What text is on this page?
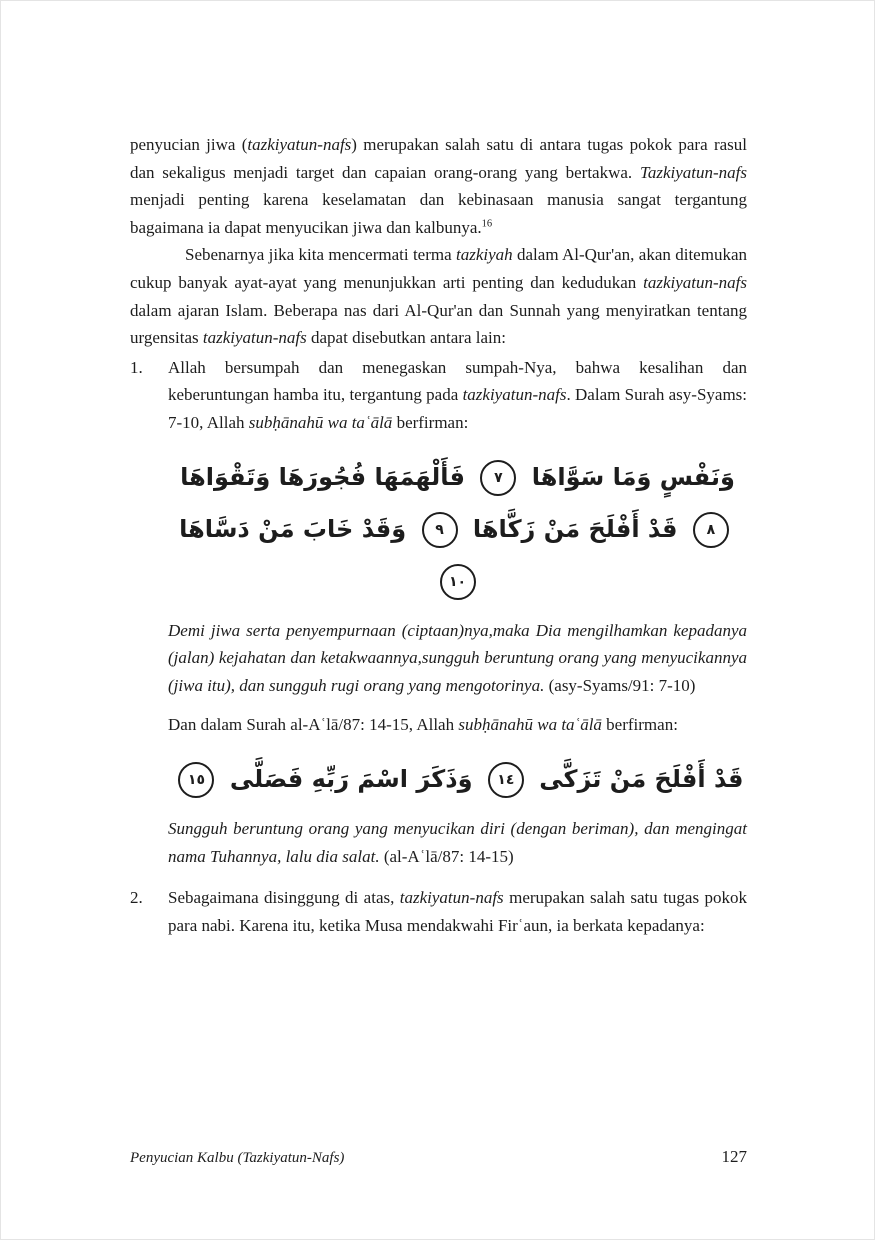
penyucian jiwa (tazkiyatun-nafs) merupakan salah satu di antara tugas pokok para rasul dan sekaligus menjadi target dan capaian orang-orang yang bertakwa. Tazkiyatun-nafs menjadi penting karena keselamatan dan kebinasaan manusia sangat tergantung bagaimana ia dapat menyucikan jiwa dan kalbunya.$^{16}$

Sebenarnya jika kita mencermati terma tazkiyah dalam Al-Qur'an, akan ditemukan cukup banyak ayat-ayat yang menunjukkan arti penting dan kedudukan tazkiyatun-nafs dalam ajaran Islam. Beberapa nas dari Al-Qur'an dan Sunnah yang menyiratkan tentang urgensitas tazkiyatun-nafs dapat disebutkan antara lain:

1.	Allah bersumpah dan menegaskan sumpah-Nya, bahwa kesalihan dan keberuntungan hamba itu, tergantung pada tazkiyatun-nafs. Dalam Surah asy-Syams: 7-10, Allah subḥānahū wa taʿālā berfirman:

وَنَفْسٍ وَمَا سَوَّاهَا ٧ فَأَلْهَمَهَا فُجُورَهَا وَتَقْوَاهَا ٨ قَدْ أَفْلَحَ مَنْ زَكَّاهَا ٩ وَقَدْ خَابَ مَنْ دَسَّاهَا ١٠

Demi jiwa serta penyempurnaan (ciptaan)nya,maka Dia mengilhamkan kepadanya (jalan) kejahatan dan ketakwaannya,sungguh beruntung orang yang menyucikannya (jiwa itu), dan sungguh rugi orang yang mengotorinya. (asy-Syams/91: 7-10)

Dan dalam Surah al-Aʿlā/87: 14-15, Allah subḥānahū wa taʿālā berfirman:

قَدْ أَفْلَحَ مَنْ تَزَكَّى ١٤ وَذَكَرَ اسْمَ رَبِّهِ فَصَلَّى ١٥

Sungguh beruntung orang yang menyucikan diri (dengan beriman), dan mengingat nama Tuhannya, lalu dia salat. (al-Aʿlā/87: 14-15)

2.	Sebagaimana disinggung di atas, tazkiyatun-nafs merupakan salah satu tugas pokok para nabi. Karena itu, ketika Musa mendakwahi Firʿaun, ia berkata kepadanya:

Penyucian Kalbu (Tazkiyatun-Nafs)	127
